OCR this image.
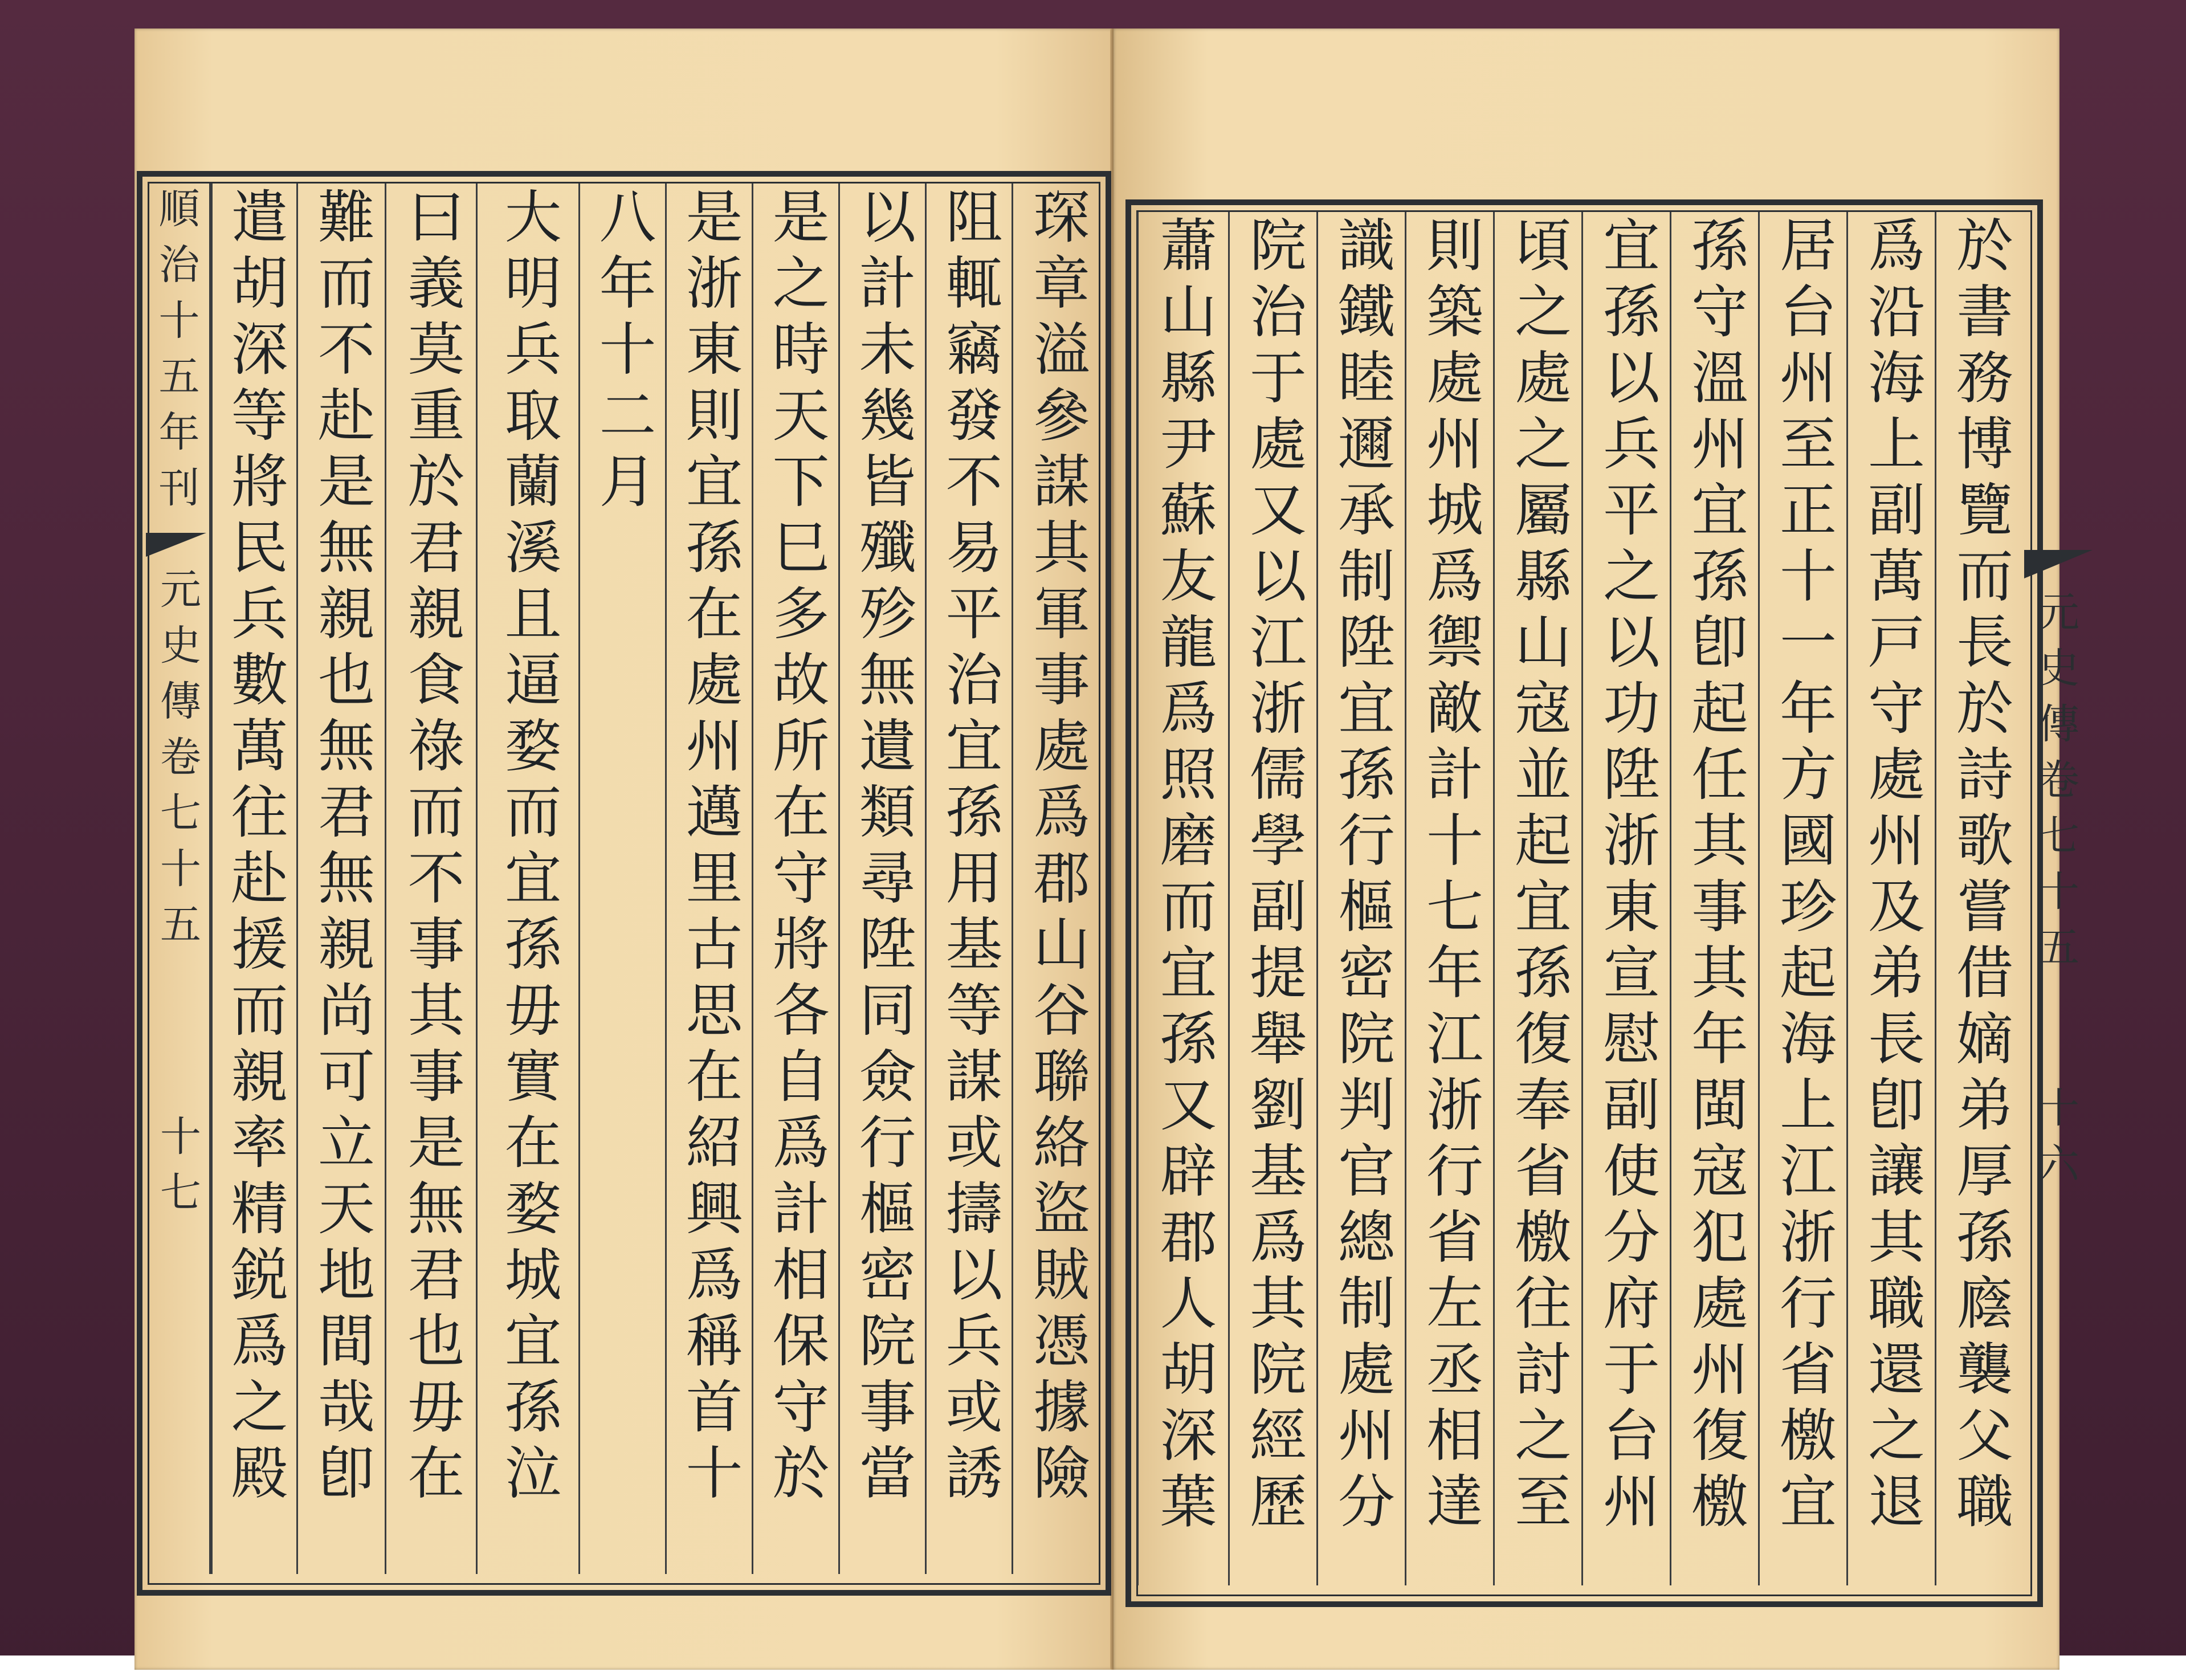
順治十五年刊
元史傳卷七十五
十七	琛章溢參謀其軍事處爲郡山谷聯絡盜賊憑據險
阻輒竊發不易平治宜孫用基等謀或擣以兵或誘
以計未幾皆殲殄無遺類尋陞同僉行樞密院事當
是之時天下巳多故所在守將各自爲計相保守於
是浙東則宜孫在處州邁里古思在紹興爲稱首十
八年十二月
大明兵取蘭溪且逼婺而宜孫毋實在婺城宜孫泣
曰義莫重於君親食祿而不事其事是無君也毋在
難而不赴是無親也無君無親尚可立天地間哉卽
遣胡深等將民兵數萬往赴援而親率精鋭爲之殿	於書務博覽而長於詩歌嘗借嫡弟厚孫廕襲父職
爲沿海上副萬戸守處州及弟長卽讓其職還之退
居台州至正十一年方國珍起海上江浙行省檄宜
孫守溫州宜孫卽起任其事其年閩寇犯處州復檄
宜孫以兵平之以功陞浙東宣慰副使分府于台州
頃之處之屬縣山寇並起宜孫復奉省檄往討之至
則築處州城爲禦敵計十七年江浙行省左丞相達
識鐵睦邇承制陞宜孫行樞密院判官總制處州分
院治于處又以江浙儒學副提舉劉基爲其院經歷
蕭山縣尹蘇友龍爲照磨而宜孫又辟郡人胡深葉	元史傳卷七十五
十六
